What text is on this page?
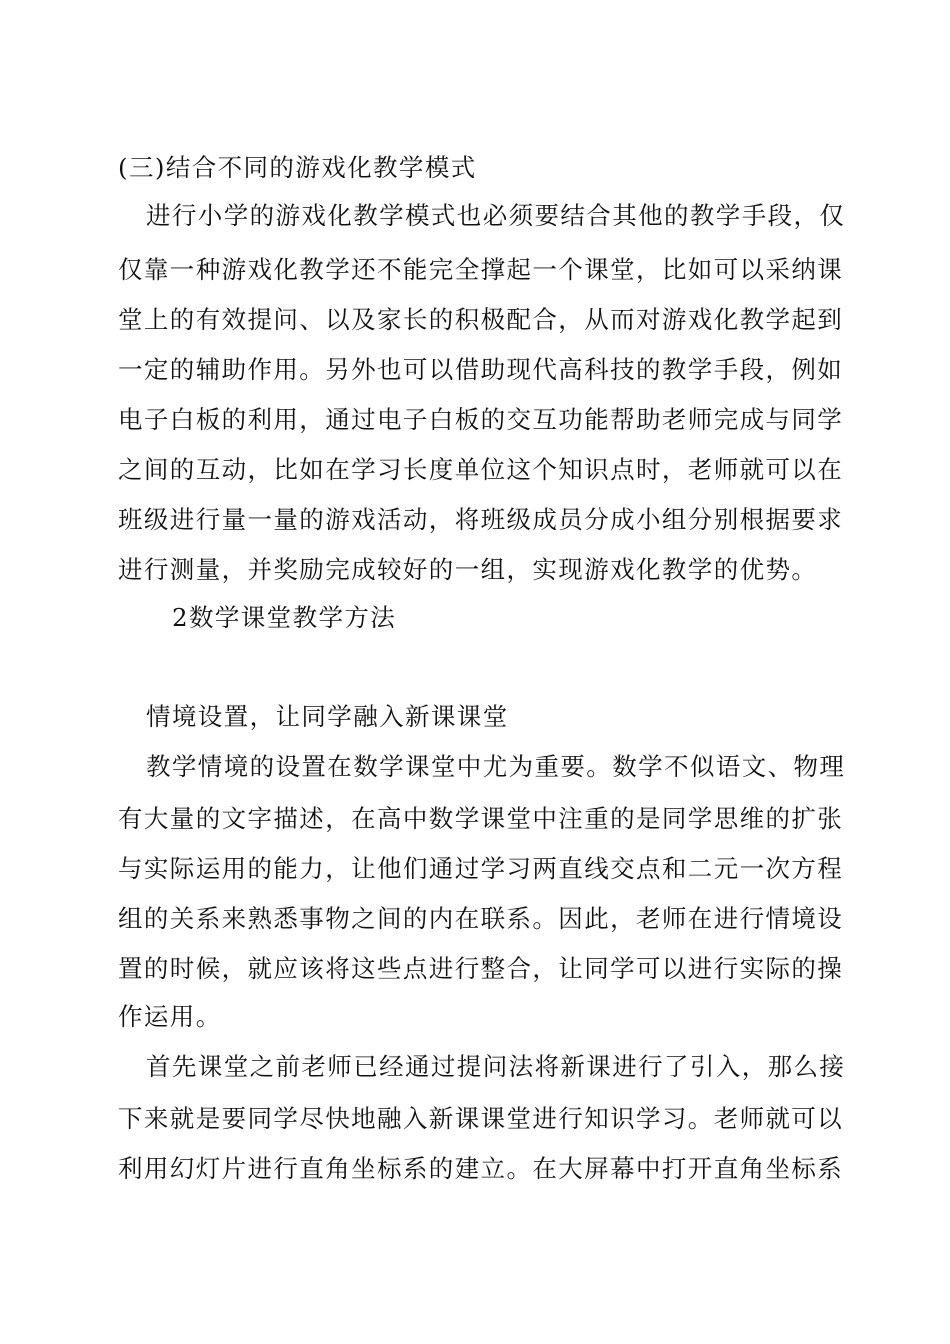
(三)结合不同的游戏化教学模式
进行小学的游戏化教学模式也必须要结合其他的教学手段，仅
仅靠一种游戏化教学还不能完全撑起一个课堂，比如可以采纳课
堂上的有效提问、以及家长的积极配合，从而对游戏化教学起到
一定的辅助作用。另外也可以借助现代高科技的教学手段，例如
电子白板的利用，通过电子白板的交互功能帮助老师完成与同学
之间的互动，比如在学习长度单位这个知识点时，老师就可以在
班级进行量一量的游戏活动，将班级成员分成小组分别根据要求
进行测量，并奖励完成较好的一组，实现游戏化教学的优势。
2数学课堂教学方法
情境设置，让同学融入新课课堂
教学情境的设置在数学课堂中尤为重要。数学不似语文、物理
有大量的文字描述，在高中数学课堂中注重的是同学思维的扩张
与实际运用的能力，让他们通过学习两直线交点和二元一次方程
组的关系来熟悉事物之间的内在联系。因此，老师在进行情境设
置的时候，就应该将这些点进行整合，让同学可以进行实际的操
作运用。
首先课堂之前老师已经通过提问法将新课进行了引入，那么接
下来就是要同学尽快地融入新课课堂进行知识学习。老师就可以
利用幻灯片进行直角坐标系的建立。在大屏幕中打开直角坐标系
